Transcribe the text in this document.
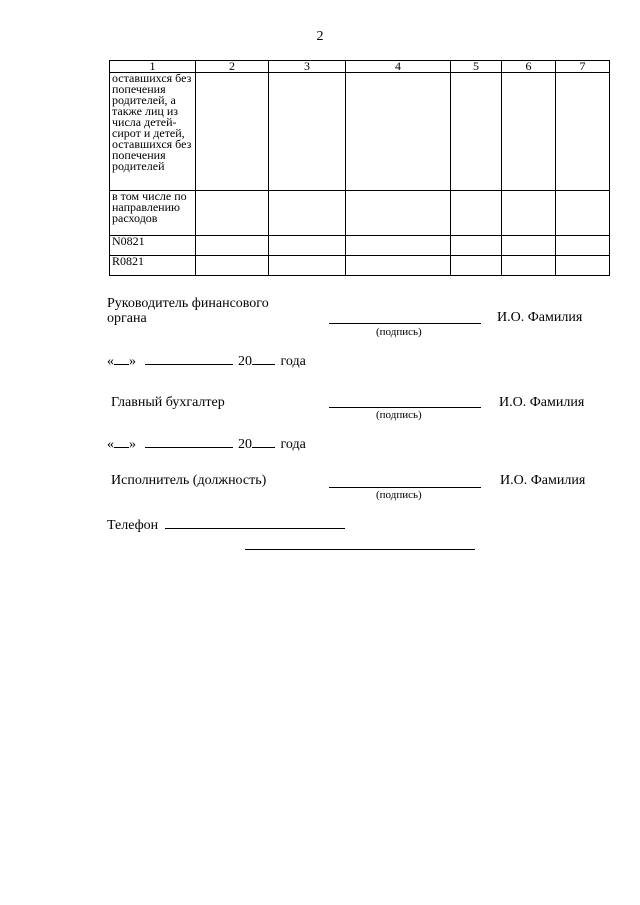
2
1	2	3	4	5	6	7
оставшихся без попечения родителей, а также лиц из числа детей-сирот и детей, оставшихся без попечения родителей						
в том числе по направлению расходов						
N0821						
R0821						
Руководитель финансового
органа
(подпись)
И.О. Фамилия
« »	20 года
Главный бухгалтер
(подпись)
И.О. Фамилия
« »	20 года
Исполнитель (должность)
(подпись)
И.О. Фамилия
Телефон
